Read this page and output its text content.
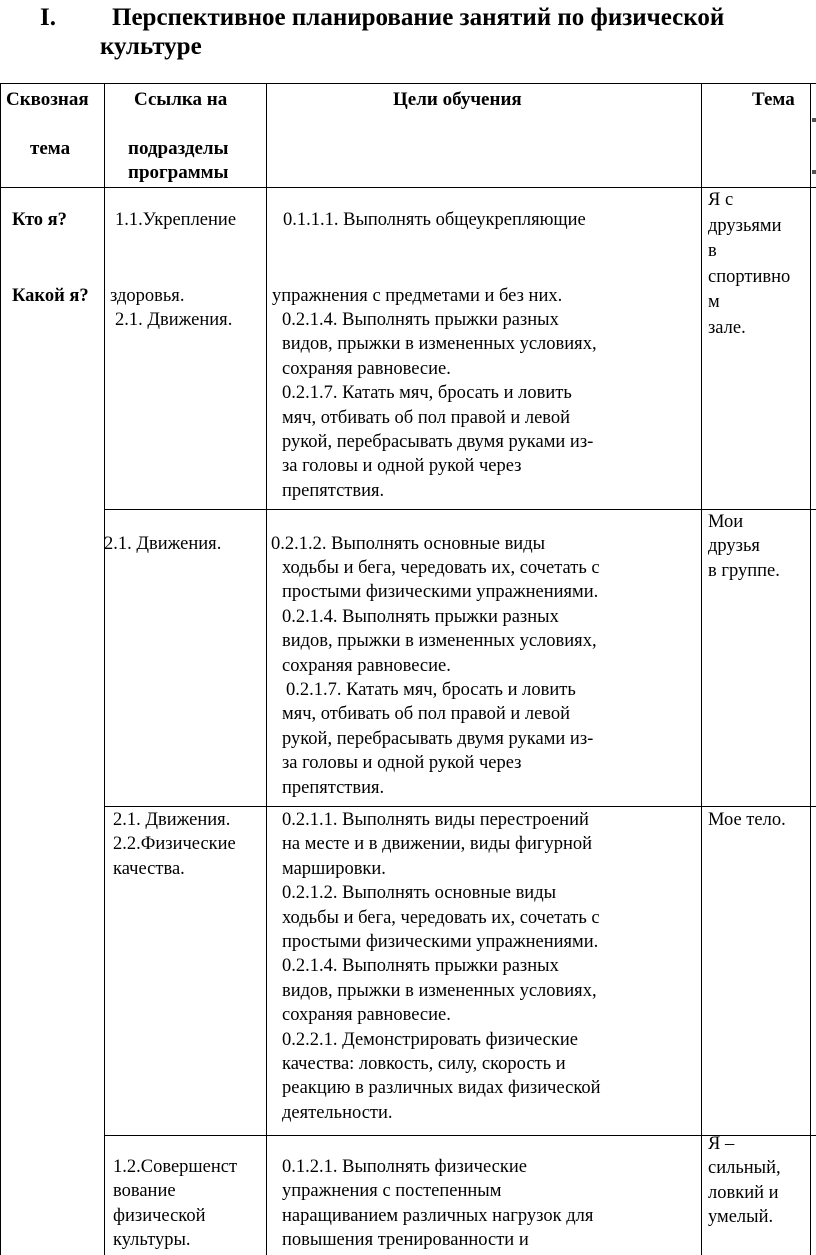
I. Перспективное планирование занятий по физической
культуре
Сквозная
тема
Ссылка на
подразделы
программы
Цели обучения	Тема
Кто я?
Какой я?
1.1.Укрепление
здоровья.
2.1. Движения.
0.1.1.1. Выполнять общеукрепляющие
упражнения с предметами и без них.
0.2.1.4. Выполнять прыжки разных
видов, прыжки в измененных условиях,
сохраняя равновесие.
0.2.1.7. Катать мяч, бросать и ловить
мяч, отбивать об пол правой и левой
рукой, перебрасывать двумя руками из-
за головы и одной рукой через
препятствия.
Я с
друзьями
в
спортивно
м
зале.
2.1. Движения.	0.2.1.2. Выполнять основные виды
ходьбы и бега, чередовать их, сочетать с
простыми физическими упражнениями.
0.2.1.4. Выполнять прыжки разных
видов, прыжки в измененных условиях,
сохраняя равновесие.
0.2.1.7. Катать мяч, бросать и ловить
мяч, отбивать об пол правой и левой
рукой, перебрасывать двумя руками из-
за головы и одной рукой через
препятствия.
Мои
друзья
в группе.
2.1. Движения.
2.2.Физические
качества.
0.2.1.1. Выполнять виды перестроений
на месте и в движении, виды фигурной
маршировки.
0.2.1.2. Выполнять основные виды
ходьбы и бега, чередовать их, сочетать с
простыми физическими упражнениями.
0.2.1.4. Выполнять прыжки разных
видов, прыжки в измененных условиях,
сохраняя равновесие.
0.2.2.1. Демонстрировать физические
качества: ловкость, силу, скорость и
реакцию в различных видах физической
деятельности.
Мое тело.
1.2.Совершенст
вование
физической
культуры.
0.1.2.1. Выполнять физические
упражнения с постепенным
наращиванием различных нагрузок для
повышения тренированности и
Я –
сильный,
ловкий и
умелый.
